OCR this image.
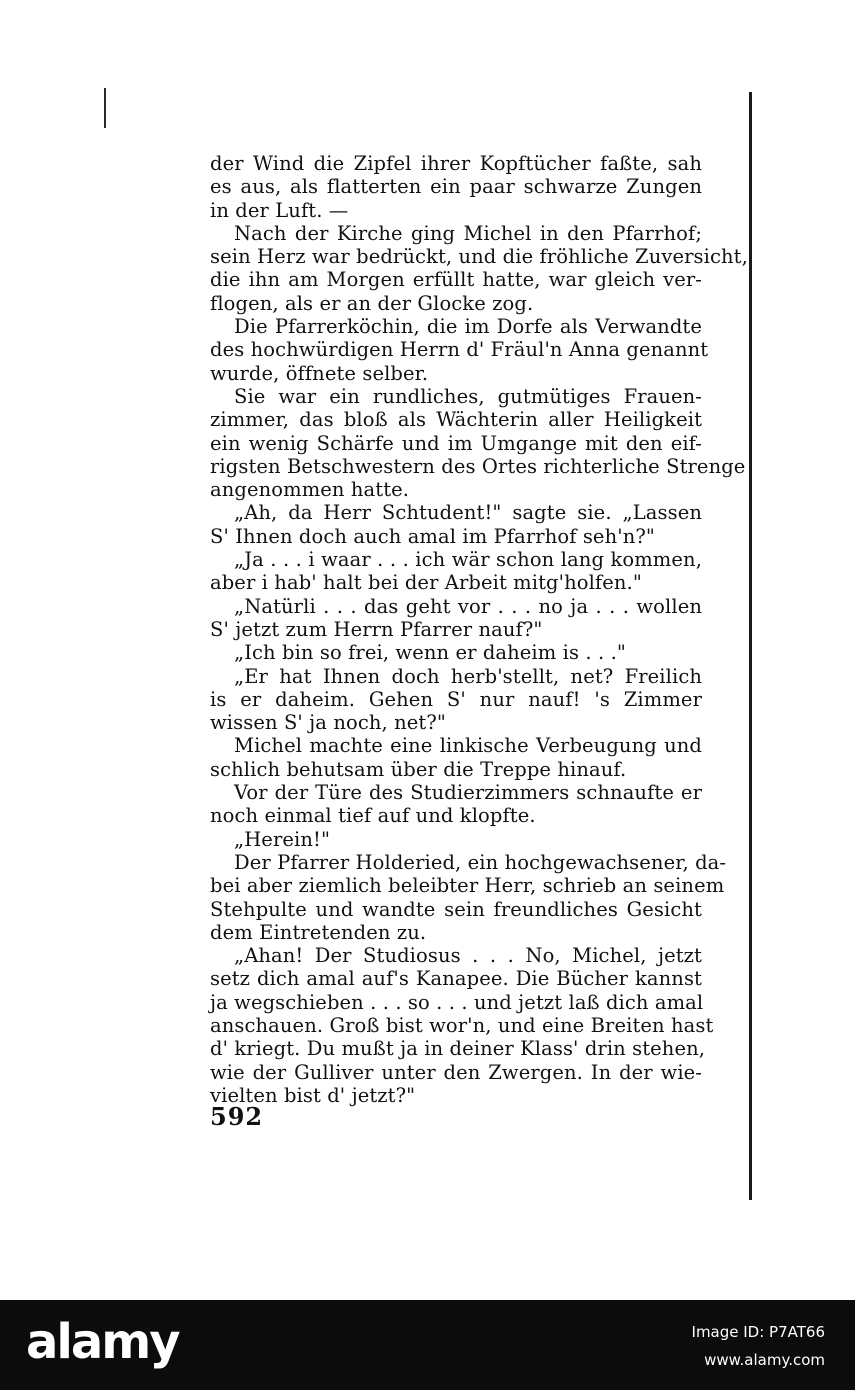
der Wind die Zipfel ihrer Kopftücher faßte, sah
es aus, als flatterten ein paar schwarze Zungen
in der Luft. —
Nach der Kirche ging Michel in den Pfarrhof;
sein Herz war bedrückt, und die fröhliche Zuversicht,
die ihn am Morgen erfüllt hatte, war gleich ver-
flogen, als er an der Glocke zog.
Die Pfarrerköchin, die im Dorfe als Verwandte
des hochwürdigen Herrn d' Fräul'n Anna genannt
wurde, öffnete selber.
Sie war ein rundliches, gutmütiges Frauen-
zimmer, das bloß als Wächterin aller Heiligkeit
ein wenig Schärfe und im Umgange mit den eif-
rigsten Betschwestern des Ortes richterliche Strenge
angenommen hatte.
„Ah, da Herr Schtudent!" sagte sie. „Lassen
S' Ihnen doch auch amal im Pfarrhof seh'n?"
„Ja . . . i waar . . . ich wär schon lang kommen,
aber i hab' halt bei der Arbeit mitg'holfen."
„Natürli . . . das geht vor . . . no ja . . . wollen
S' jetzt zum Herrn Pfarrer nauf?"
„Ich bin so frei, wenn er daheim is . . ."
„Er hat Ihnen doch herb'stellt, net? Freilich
is er daheim. Gehen S' nur nauf! 's Zimmer
wissen S' ja noch, net?"
Michel machte eine linkische Verbeugung und
schlich behutsam über die Treppe hinauf.
Vor der Türe des Studierzimmers schnaufte er
noch einmal tief auf und klopfte.
„Herein!"
Der Pfarrer Holderied, ein hochgewachsener, da-
bei aber ziemlich beleibter Herr, schrieb an seinem
Stehpulte und wandte sein freundliches Gesicht
dem Eintretenden zu.
„Ahan! Der Studiosus . . . No, Michel, jetzt
setz dich amal auf's Kanapee. Die Bücher kannst
ja wegschieben . . . so . . . und jetzt laß dich amal
anschauen. Groß bist wor'n, und eine Breiten hast
d' kriegt. Du mußt ja in deiner Klass' drin stehen,
wie der Gulliver unter den Zwergen. In der wie-
vielten bist d' jetzt?"
592
alamy	Image ID: P7AT66
www.alamy.com
